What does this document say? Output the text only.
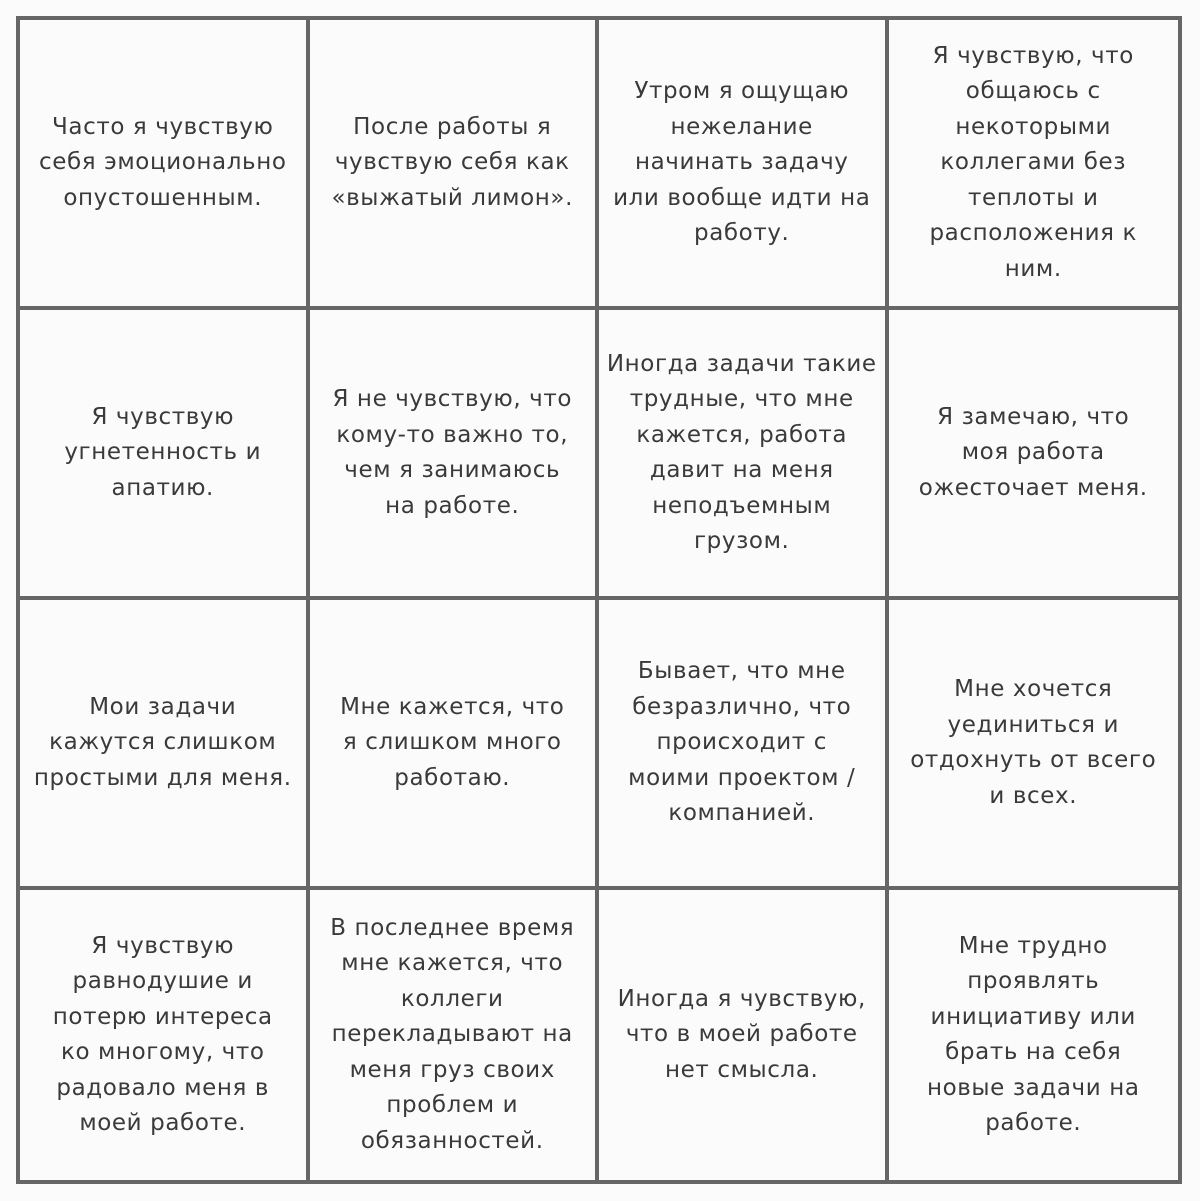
Часто я чувствую
себя эмоционально
опустошенным.
После работы я
чувствую себя как
«выжатый лимон».
Утром я ощущаю
нежелание
начинать задачу
или вообще идти на
работу.
Я чувствую, что
общаюсь с
некоторыми
коллегами без
теплоты и
расположения к
ним.
Я чувствую
угнетенность и
апатию.
Я не чувствую, что
кому-то важно то,
чем я занимаюсь
на работе.
Иногда задачи такие
трудные, что мне
кажется, работа
давит на меня
неподъемным
грузом.
Я замечаю, что
моя работа
ожесточает меня.
Мои задачи
кажутся слишком
простыми для меня.
Мне кажется, что
я слишком много
работаю.
Бывает, что мне
безразлично, что
происходит с
моими проектом /
компанией.
Мне хочется
уединиться и
отдохнуть от всего
и всех.
Я чувствую
равнодушие и
потерю интереса
ко многому, что
радовало меня в
моей работе.
В последнее время
мне кажется, что
коллеги
перекладывают на
меня груз своих
проблем и
обязанностей.
Иногда я чувствую,
что в моей работе
нет смысла.
Мне трудно
проявлять
инициативу или
брать на себя
новые задачи на
работе.
